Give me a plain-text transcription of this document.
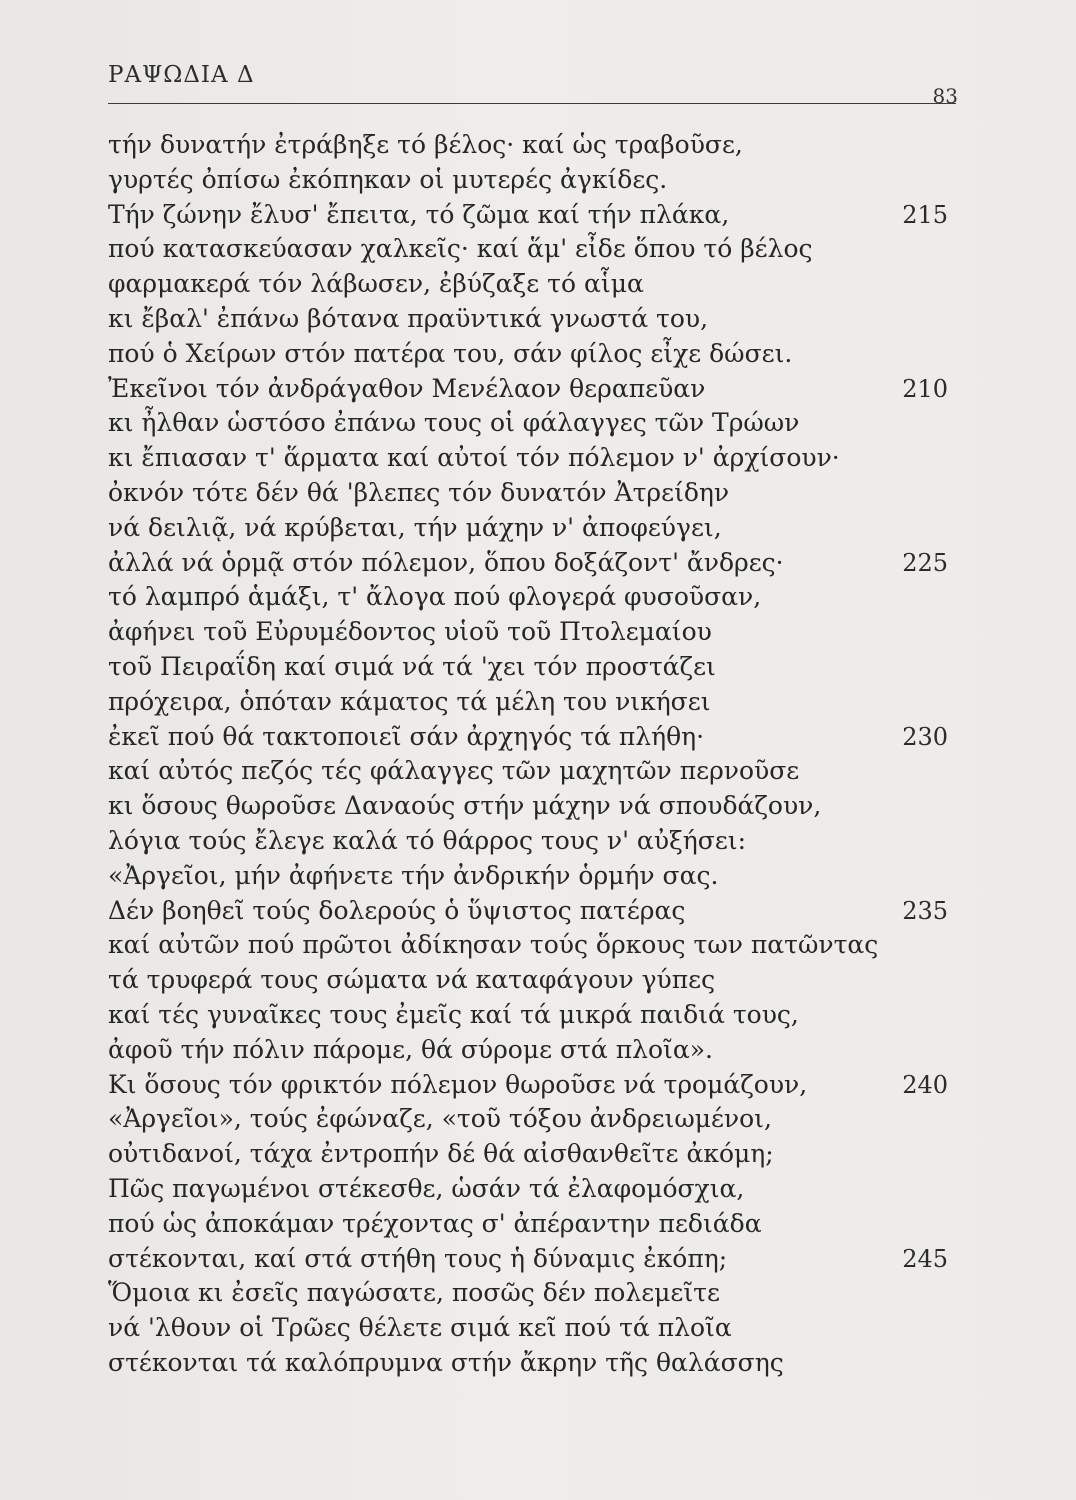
ΡΑΨΩΔΙΑ Δ
83
τήν δυνατήν ἐτράβηξε τό βέλος· καί ὡς τραβοῦσε,
γυρτές ὀπίσω ἐκόπηκαν οἱ μυτερές ἀγκίδες.
Τήν ζώνην ἔλυσ' ἔπειτα, τό ζῶμα καί τήν πλάκα,	215
πού κατασκεύασαν χαλκεῖς· καί ἅμ' εἶδε ὅπου τό βέλος
φαρμακερά τόν λάβωσεν, ἐβύζαξε τό αἷμα
κι ἔβαλ' ἐπάνω βότανα πραϋντικά γνωστά του,
πού ὁ Χείρων στόν πατέρα του, σάν φίλος εἶχε δώσει.
Ἐκεῖνοι τόν ἀνδράγαθον Μενέλαον θεραπεῦαν	210
κι ἦλθαν ὡστόσο ἐπάνω τους οἱ φάλαγγες τῶν Τρώων
κι ἔπιασαν τ' ἅρματα καί αὐτοί τόν πόλεμον ν' ἀρχίσουν·
ὀκνόν τότε δέν θά 'βλεπες τόν δυνατόν Ἀτρείδην
νά δειλιᾷ, νά κρύβεται, τήν μάχην ν' ἀποφεύγει,
ἀλλά νά ὁρμᾷ στόν πόλεμον, ὅπου δοξάζοντ' ἄνδρες·	225
τό λαμπρό ἁμάξι, τ' ἄλογα πού φλογερά φυσοῦσαν,
ἀφήνει τοῦ Εὐρυμέδοντος υἱοῦ τοῦ Πτολεμαίου
τοῦ Πειραΐδη καί σιμά νά τά 'χει τόν προστάζει
πρόχειρα, ὁπόταν κάματος τά μέλη του νικήσει
ἐκεῖ πού θά τακτοποιεῖ σάν ἀρχηγός τά πλήθη·	230
καί αὐτός πεζός τές φάλαγγες τῶν μαχητῶν περνοῦσε
κι ὅσους θωροῦσε Δαναούς στήν μάχην νά σπουδάζουν,
λόγια τούς ἔλεγε καλά τό θάρρος τους ν' αὐξήσει:
«Ἀργεῖοι, μήν ἀφήνετε τήν ἀνδρικήν ὁρμήν σας.
Δέν βοηθεῖ τούς δολερούς ὁ ὕψιστος πατέρας	235
καί αὐτῶν πού πρῶτοι ἀδίκησαν τούς ὅρκους των πατῶντας
τά τρυφερά τους σώματα νά καταφάγουν γύπες
καί τές γυναῖκες τους ἐμεῖς καί τά μικρά παιδιά τους,
ἀφοῦ τήν πόλιν πάρομε, θά σύρομε στά πλοῖα».
Κι ὅσους τόν φρικτόν πόλεμον θωροῦσε νά τρομάζουν,	240
«Ἀργεῖοι», τούς ἐφώναζε, «τοῦ τόξου ἀνδρειωμένοι,
οὐτιδανοί, τάχα ἐντροπήν δέ θά αἰσθανθεῖτε ἀκόμη;
Πῶς παγωμένοι στέκεσθε, ὡσάν τά ἐλαφομόσχια,
πού ὡς ἀποκάμαν τρέχοντας σ' ἀπέραντην πεδιάδα
στέκονται, καί στά στήθη τους ἡ δύναμις ἐκόπη;	245
Ὅμοια κι ἐσεῖς παγώσατε, ποσῶς δέν πολεμεῖτε
νά 'λθουν οἱ Τρῶες θέλετε σιμά κεῖ πού τά πλοῖα
στέκονται τά καλόπρυμνα στήν ἄκρην τῆς θαλάσσης
